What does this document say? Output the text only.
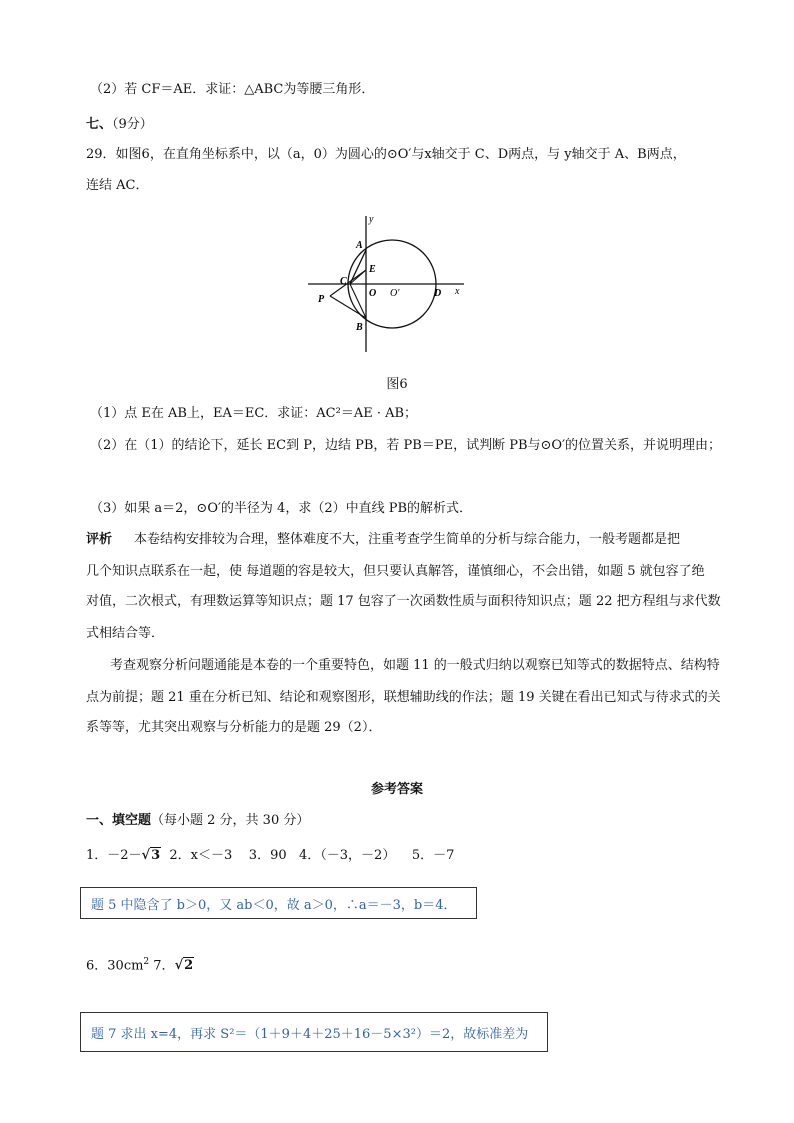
（2）若 CF＝AE．求证：△ABC为等腰三角形．
七、（9分）
29．如图6，在直角坐标系中，以（a，0）为圆心的⊙O′与x轴交于 C、D两点，与 y轴交于 A、B两点，
连结 AC．
y
x
A
E
C
O O′	D
P
B
图6
（1）点 E在 AB上，EA＝EC．求证：AC²＝AE · AB；
（2）在（1）的结论下，延长 EC到 P，边结 PB，若 PB＝PE，试判断 PB与⊙O′的位置关系，并说明理由；
（3）如果 a＝2，⊙O′的半径为 4，求（2）中直线 PB的解析式．
评析 本卷结构安排较为合理，整体难度不大，注重考查学生简单的分析与综合能力，一般考题都是把
几个知识点联系在一起，使 每道题的容是较大，但只要认真解答，谨慎细心，不会出错，如题 5 就包容了绝
对值，二次根式，有理数运算等知识点；题 17 包容了一次函数性质与面积待知识点；题 22 把方程组与求代数
式相结合等．
考查观察分析问题通能是本卷的一个重要特色，如题 11 的一般式归纳以观察已知等式的数据特点、结构特
点为前提；题 21 重在分析已知、结论和观察图形，联想辅助线的作法；题 19 关键在看出已知式与待求式的关
系等等，尤其突出观察与分析能力的是题 29（2）．
参考答案
一、填空题（每小题 2 分，共 30 分）
1．－2－√3  2．x＜－3    3．90   4．（－3，－2）    5．－7
题 5 中隐含了 b＞0，又 ab＜0，故 a＞0，∴a＝－3，b＝4．
6．$30cm^2$ 7．√2
题 7 求出 x=4，再求 S²＝（1＋9＋4＋25＋16－5×3²）＝2，故标准差为
